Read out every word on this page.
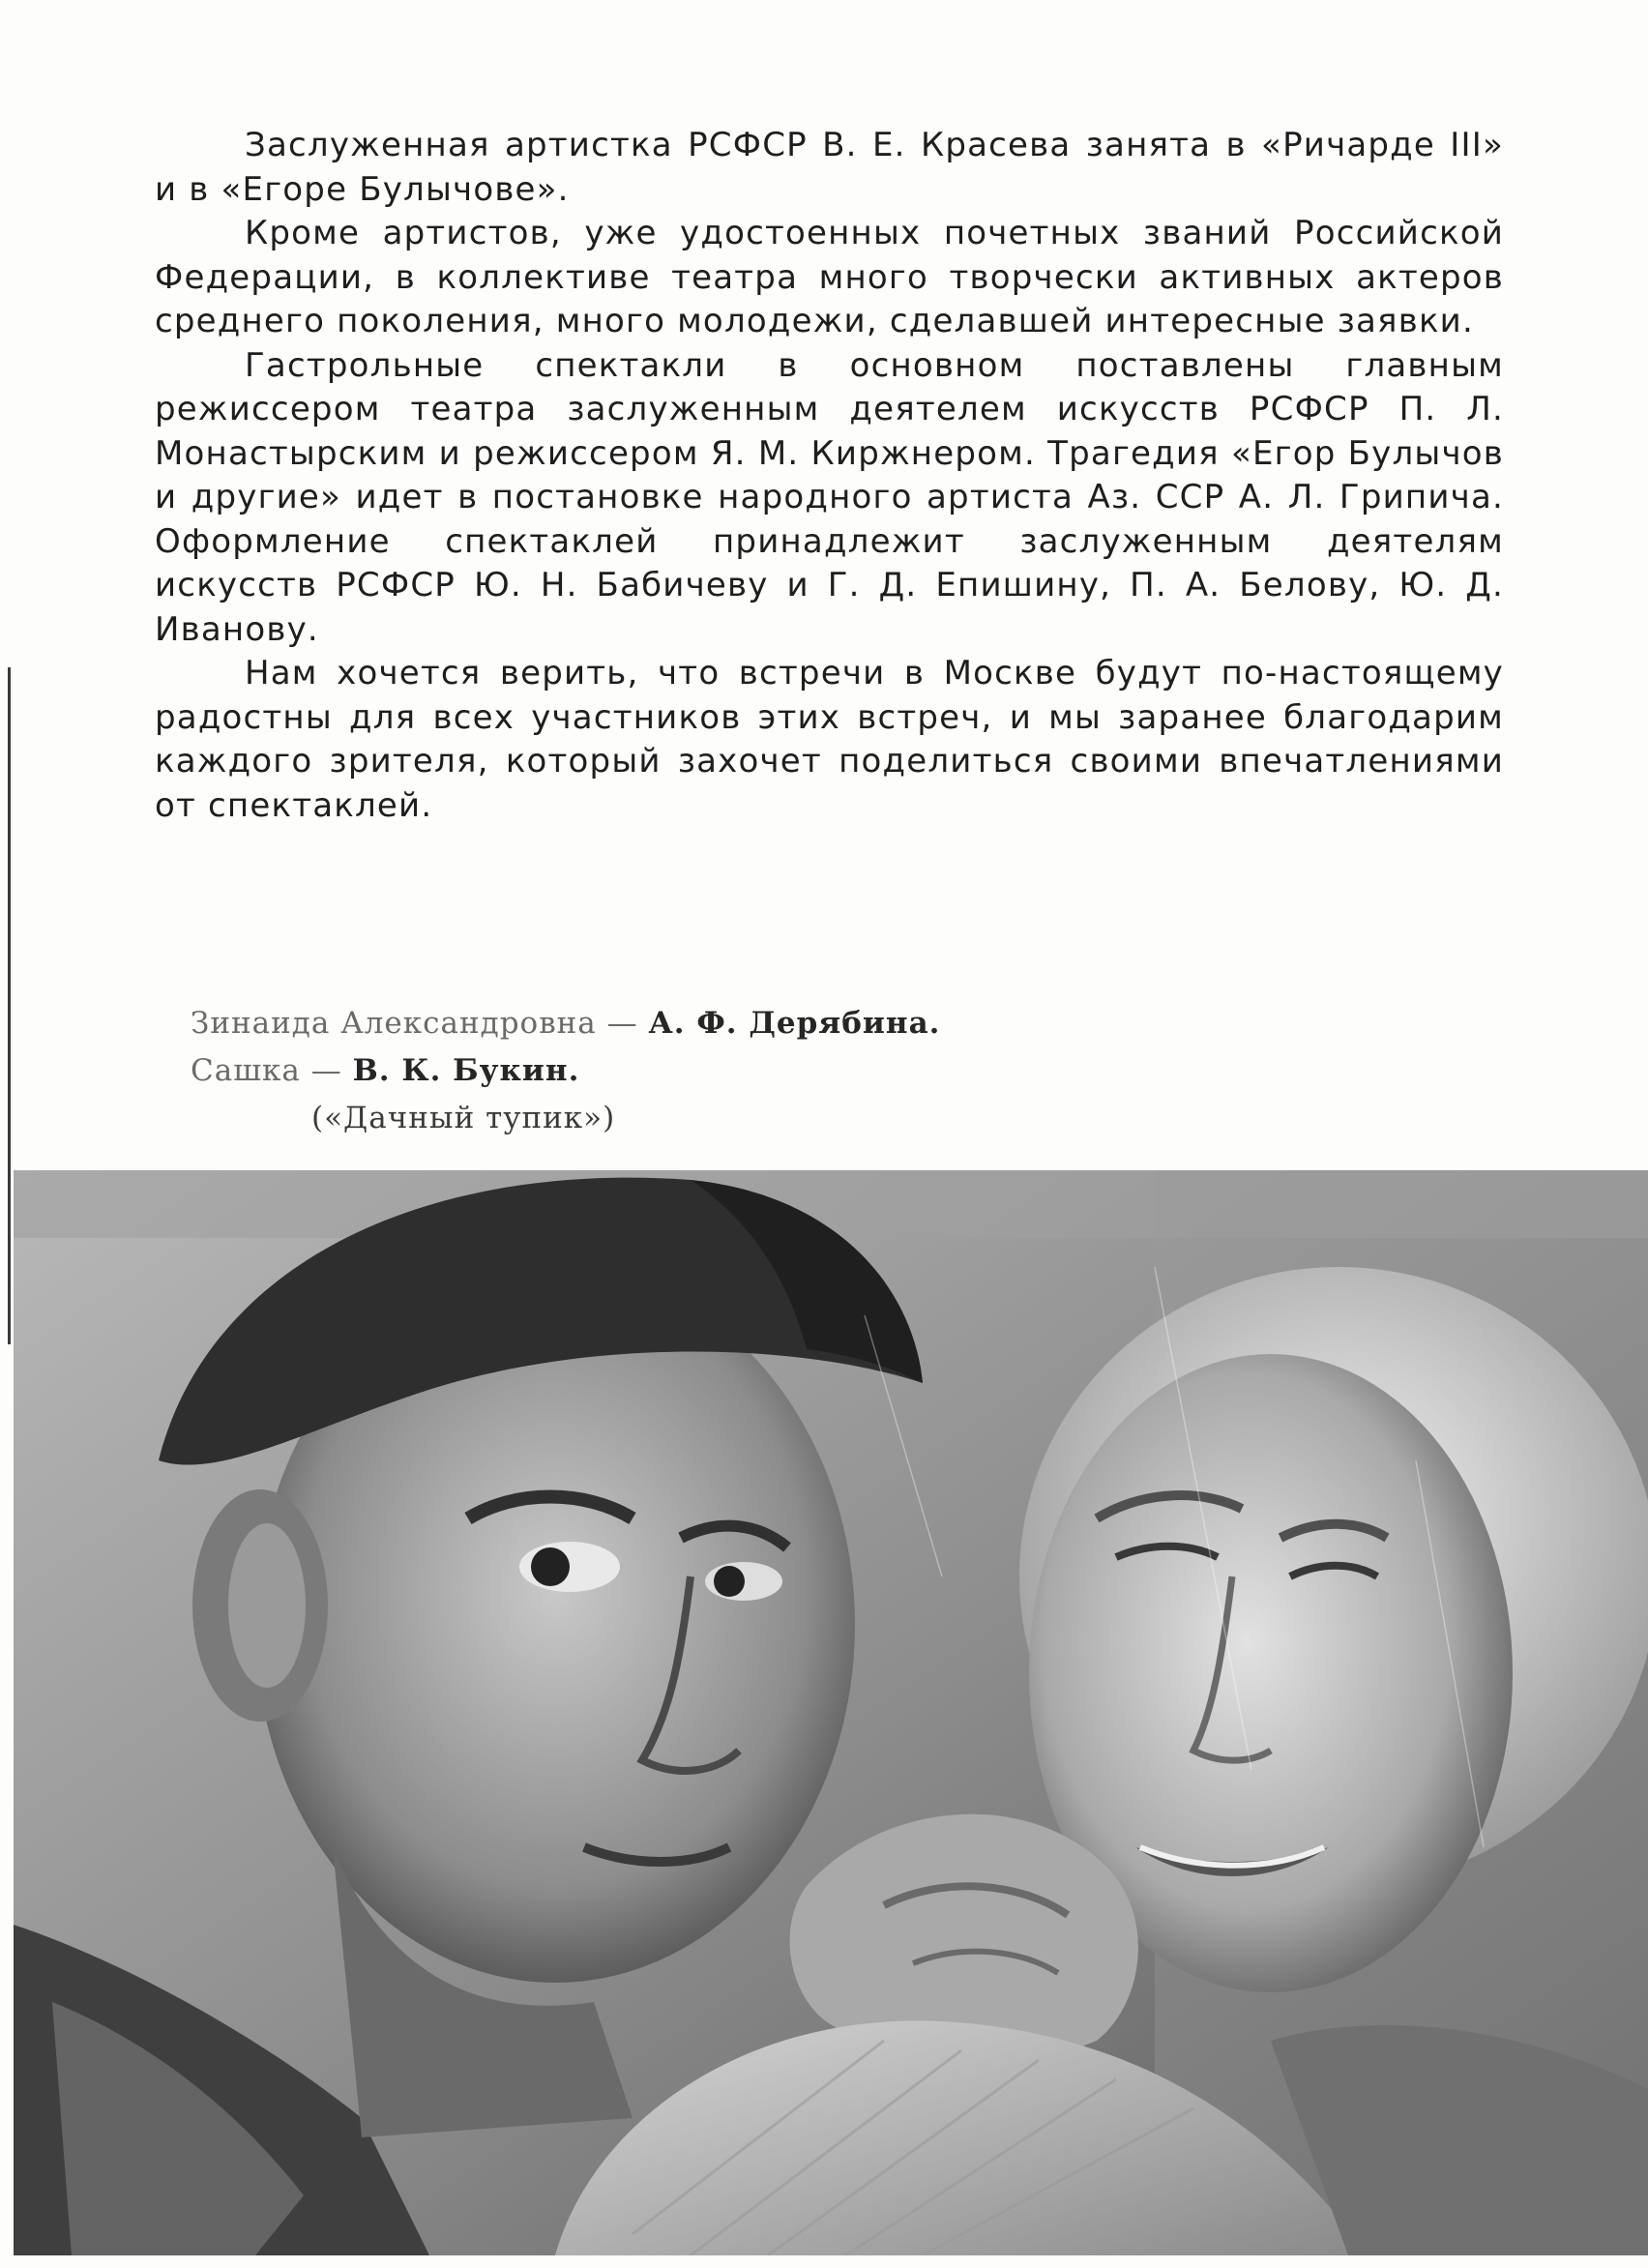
Заслуженная артистка РСФСР В. Е. Красева занята в «Ричарде III» и в «Егоре Булычове».

Кроме артистов, уже удостоенных почетных званий Российской Федерации, в коллективе театра много творчески активных актеров среднего поколения, много молодежи, сделавшей интересные заявки.

Гастрольные спектакли в основном поставлены главным режиссером театра заслуженным деятелем искусств РСФСР П. Л. Монастырским и режиссером Я. М. Киржнером. Трагедия «Егор Булычов и другие» идет в постановке народного артиста Аз. ССР А. Л. Грипича. Оформление спектаклей принадлежит заслуженным деятелям искусств РСФСР Ю. Н. Бабичеву и Г. Д. Епишину, П. А. Белову, Ю. Д. Иванову.

Нам хочется верить, что встречи в Москве будут по-настоящему радостны для всех участников этих встреч, и мы заранее благодарим каждого зрителя, который захочет поделиться своими впечатлениями от спектаклей.

Зинаида Александровна — А. Ф. Дерябина.
Сашка — В. К. Букин.
(«Дачный тупик»)
